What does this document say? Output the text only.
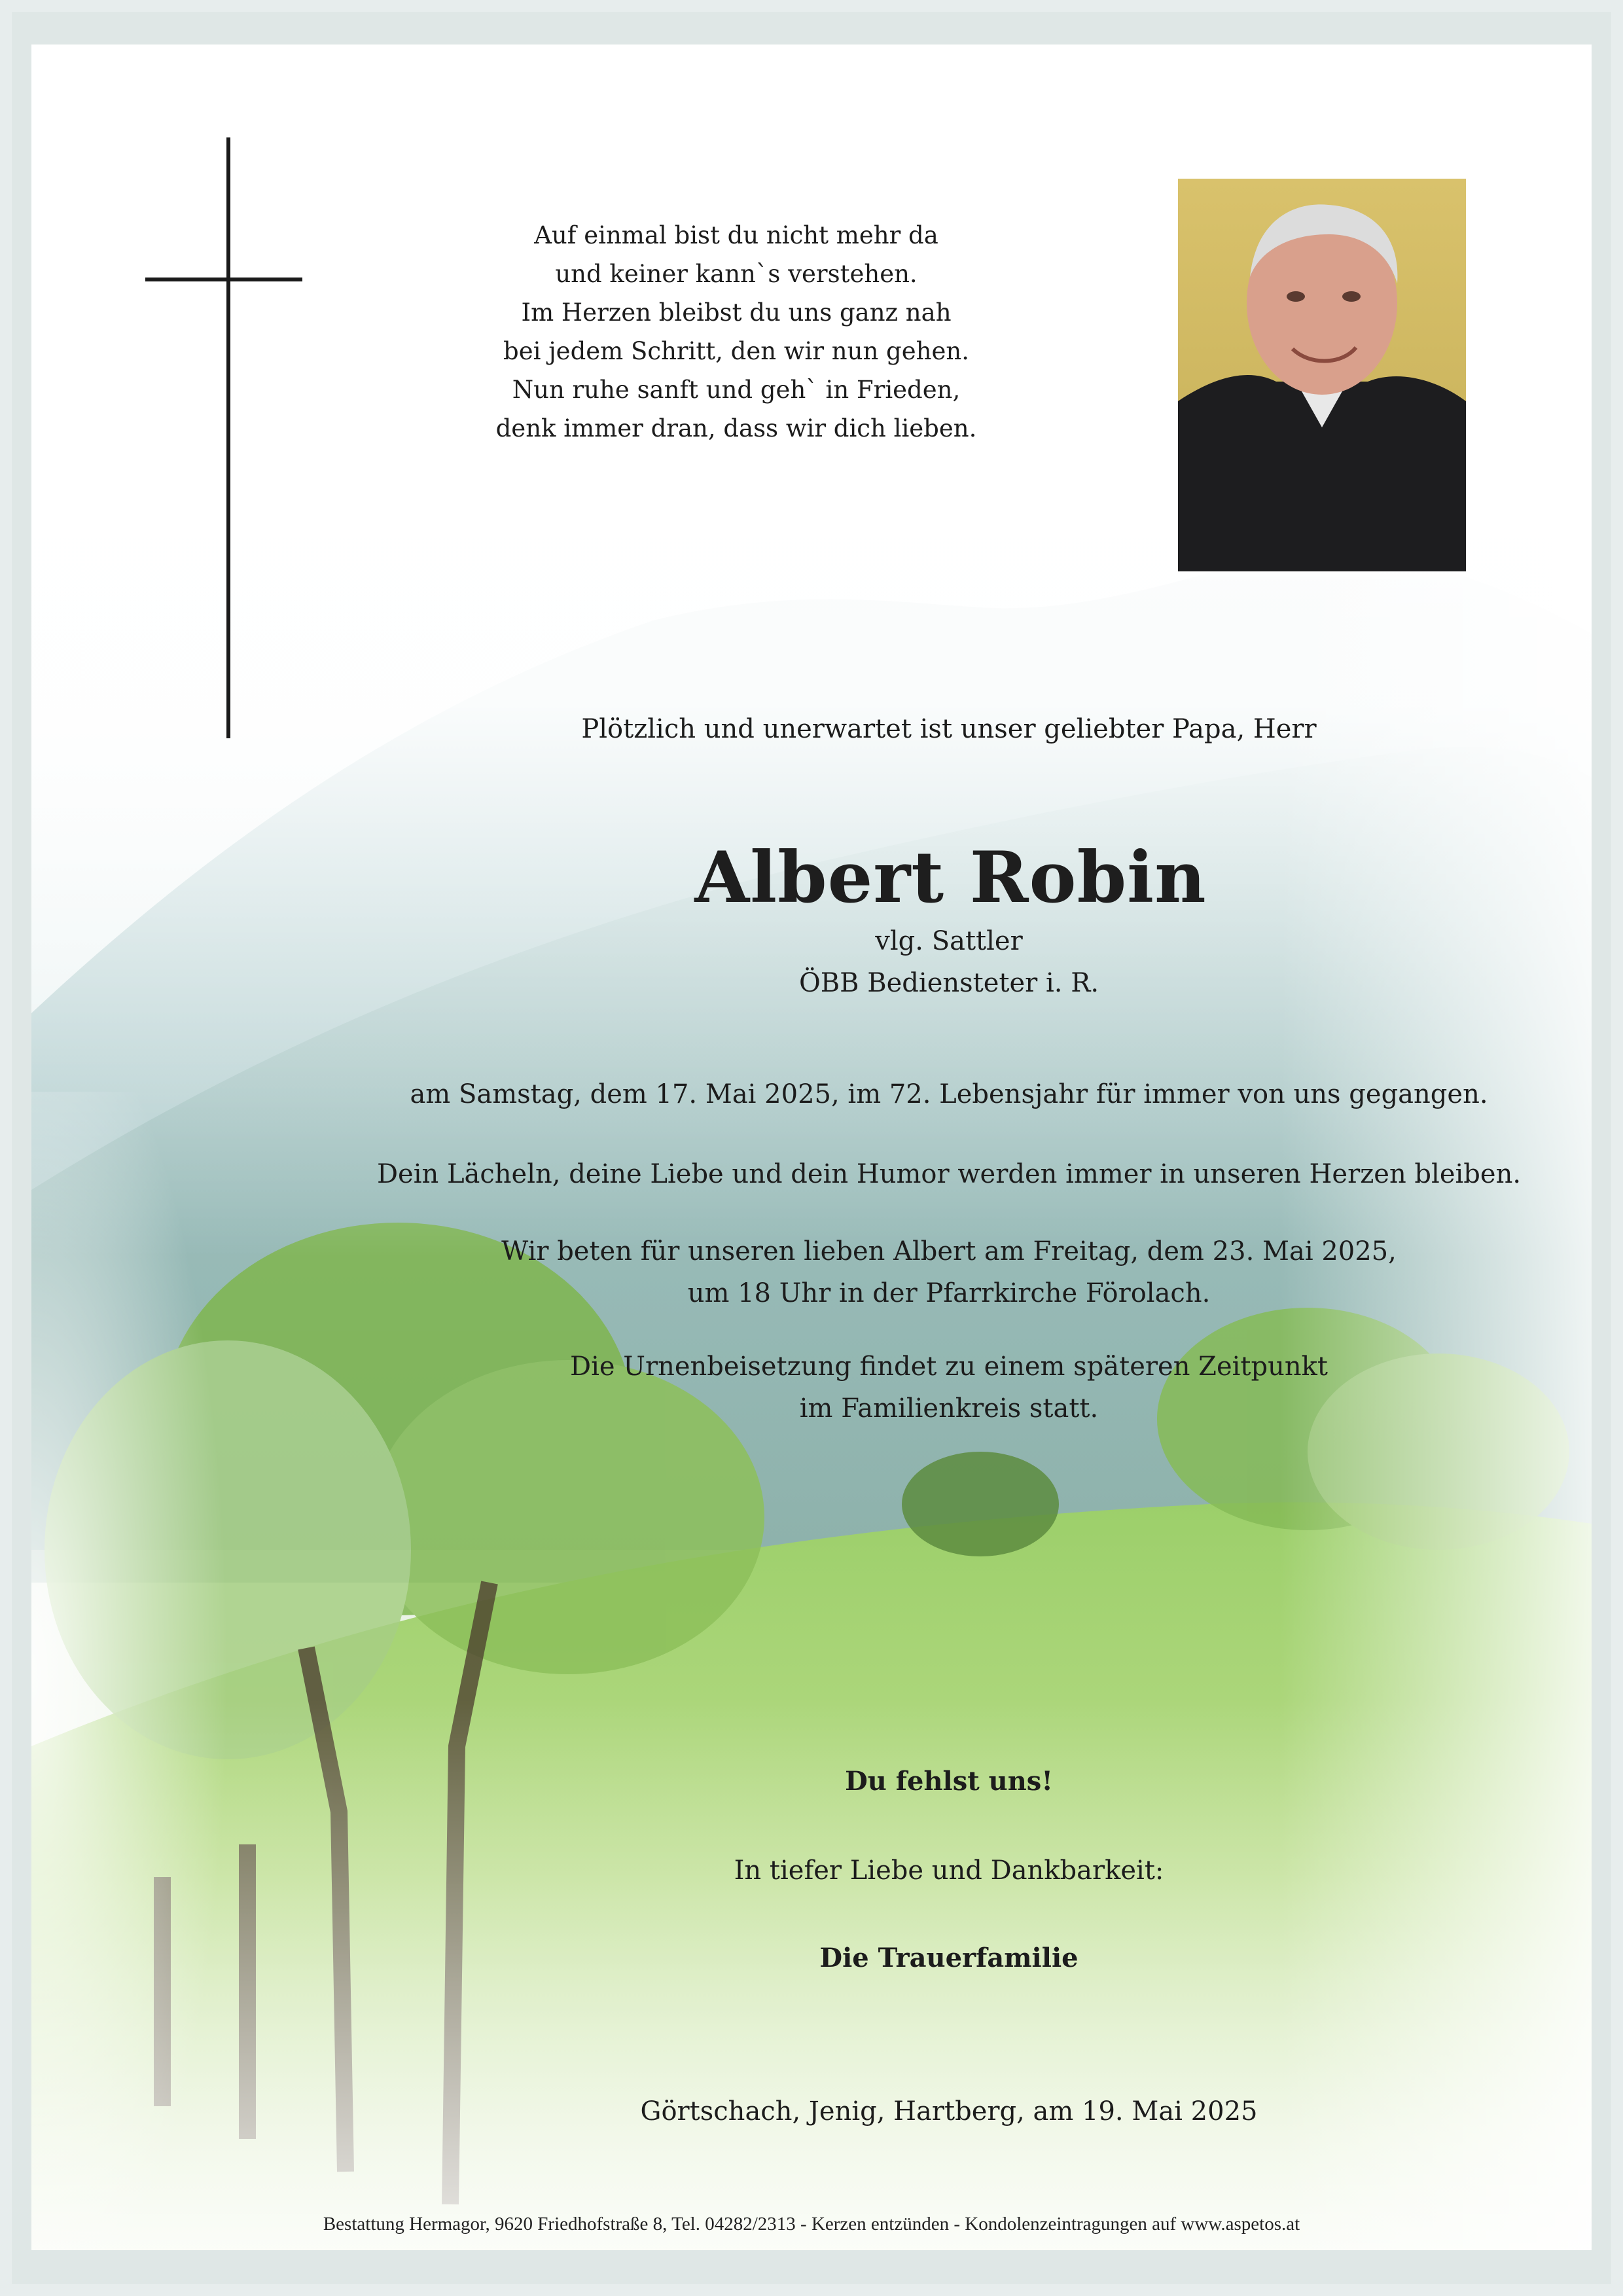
Auf einmal bist du nicht mehr da
und keiner kann`s verstehen.
Im Herzen bleibst du uns ganz nah
bei jedem Schritt, den wir nun gehen.
Nun ruhe sanft und geh` in Frieden,
denk immer dran, dass wir dich lieben.
Plötzlich und unerwartet ist unser geliebter Papa, Herr
Albert Robin
vlg. Sattler
ÖBB Bediensteter i. R.
am Samstag, dem 17. Mai 2025, im 72. Lebensjahr für immer von uns gegangen.
Dein Lächeln, deine Liebe und dein Humor werden immer in unseren Herzen bleiben.
Wir beten für unseren lieben Albert am Freitag, dem 23. Mai 2025,
um 18 Uhr in der Pfarrkirche Förolach.
Die Urnenbeisetzung findet zu einem späteren Zeitpunkt
im Familienkreis statt.
Du fehlst uns!
In tiefer Liebe und Dankbarkeit:
Die Trauerfamilie
Görtschach, Jenig, Hartberg, am 19. Mai 2025
Bestattung Hermagor, 9620 Friedhofstraße 8, Tel. 04282/2313 - Kerzen entzünden - Kondolenzeintragungen auf www.aspetos.at
